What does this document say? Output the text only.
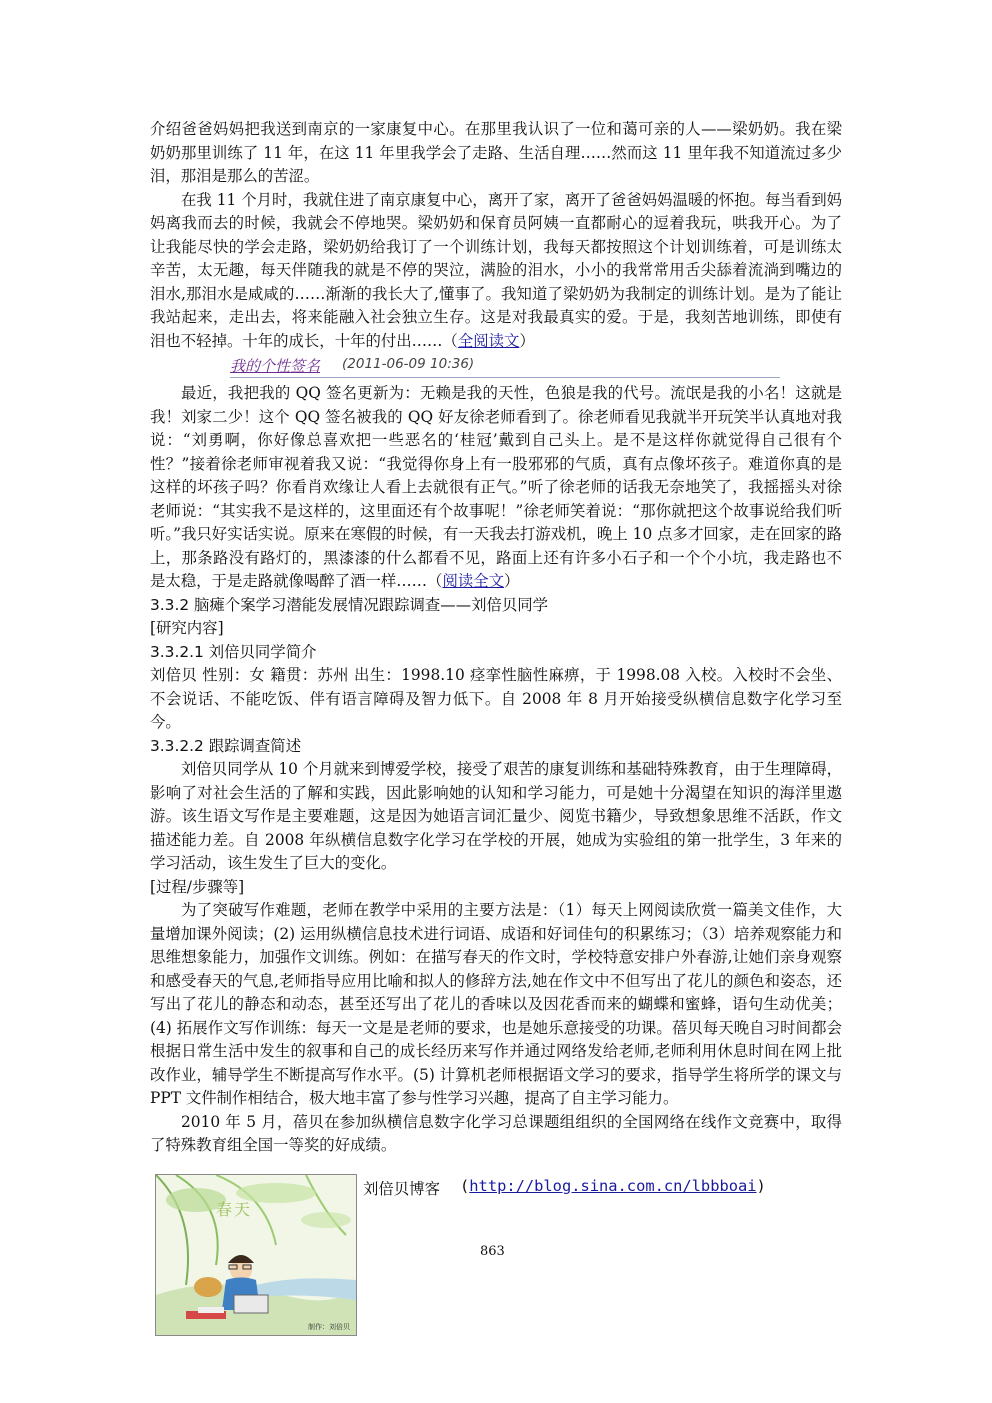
介绍爸爸妈妈把我送到南京的一家康复中心。在那里我认识了一位和蔼可亲的人——梁奶奶。我在梁奶奶那里训练了 11 年，在这 11 年里我学会了走路、生活自理……然而这 11 里年我不知道流过多少泪，那泪是那么的苦涩。

在我 11 个月时，我就住进了南京康复中心，离开了家，离开了爸爸妈妈温暖的怀抱。每当看到妈妈离我而去的时候，我就会不停地哭。梁奶奶和保育员阿姨一直都耐心的逗着我玩，哄我开心。为了让我能尽快的学会走路，梁奶奶给我订了一个训练计划，我每天都按照这个计划训练着，可是训练太辛苦，太无趣，每天伴随我的就是不停的哭泣，满脸的泪水，小小的我常常用舌尖舔着流淌到嘴边的泪水,那泪水是咸咸的……渐渐的我长大了,懂事了。我知道了梁奶奶为我制定的训练计划。是为了能让我站起来，走出去，将来能融入社会独立生存。这是对我最真实的爱。于是，我刻苦地训练，即使有泪也不轻掉。十年的成长，十年的付出……（全阅读文）

我的个性签名 (2011-06-09 10:36)

最近，我把我的 QQ 签名更新为：无赖是我的天性，色狼是我的代号。流氓是我的小名！这就是我！刘家二少！这个 QQ 签名被我的 QQ 好友徐老师看到了。徐老师看见我就半开玩笑半认真地对我说：“刘勇啊，你好像总喜欢把一些恶名的‘桂冠’戴到自己头上。是不是这样你就觉得自己很有个性？”接着徐老师审视着我又说：“我觉得你身上有一股邪邪的气质，真有点像坏孩子。难道你真的是这样的坏孩子吗？你看肖欢缘让人看上去就很有正气。”听了徐老师的话我无奈地笑了，我摇摇头对徐老师说：“其实我不是这样的，这里面还有个故事呢！”徐老师笑着说：“那你就把这个故事说给我们听听。”我只好实话实说。原来在寒假的时候，有一天我去打游戏机，晚上 10 点多才回家，走在回家的路上，那条路没有路灯的，黑漆漆的什么都看不见，路面上还有许多小石子和一个个小坑，我走路也不是太稳，于是走路就像喝醉了酒一样……（阅读全文）

3.3.2 脑瘫个案学习潜能发展情况跟踪调查——刘倍贝同学

[研究内容]

3.3.2.1 刘倍贝同学简介

刘倍贝 性别：女 籍贯：苏州 出生：1998.10 痉挛性脑性麻痹，于 1998.08 入校。入校时不会坐、不会说话、不能吃饭、伴有语言障碍及智力低下。自 2008 年 8 月开始接受纵横信息数字化学习至今。

3.3.2.2 跟踪调查简述

刘倍贝同学从 10 个月就来到博爱学校，接受了艰苦的康复训练和基础特殊教育，由于生理障碍，影响了对社会生活的了解和实践，因此影响她的认知和学习能力，可是她十分渴望在知识的海洋里遨游。该生语文写作是主要难题，这是因为她语言词汇量少、阅览书籍少，导致想象思维不活跃，作文描述能力差。自 2008 年纵横信息数字化学习在学校的开展，她成为实验组的第一批学生，3 年来的学习活动，该生发生了巨大的变化。

[过程/步骤等]

为了突破写作难题，老师在教学中采用的主要方法是：（1）每天上网阅读欣赏一篇美文佳作，大量增加课外阅读；(2) 运用纵横信息技术进行词语、成语和好词佳句的积累练习；（3）培养观察能力和思维想象能力，加强作文训练。例如：在描写春天的作文时，学校特意安排户外春游,让她们亲身观察和感受春天的气息,老师指导应用比喻和拟人的修辞方法,她在作文中不但写出了花儿的颜色和姿态，还写出了花儿的静态和动态，甚至还写出了花儿的香味以及因花香而来的蝴蝶和蜜蜂，语句生动优美；(4) 拓展作文写作训练：每天一文是是老师的要求，也是她乐意接受的功课。蓓贝每天晚自习时间都会根据日常生活中发生的叙事和自己的成长经历来写作并通过网络发给老师,老师利用休息时间在网上批改作业，辅导学生不断提高写作水平。(5) 计算机老师根据语文学习的要求，指导学生将所学的课文与 PPT 文件制作相结合，极大地丰富了参与性学习兴趣，提高了自主学习能力。

2010 年 5 月，蓓贝在参加纵横信息数字化学习总课题组组织的全国网络在线作文竞赛中，取得了特殊教育组全国一等奖的好成绩。

春 天
制作：刘倍贝
刘倍贝博客 (http://blog.sina.com.cn/lbbboai)
863
